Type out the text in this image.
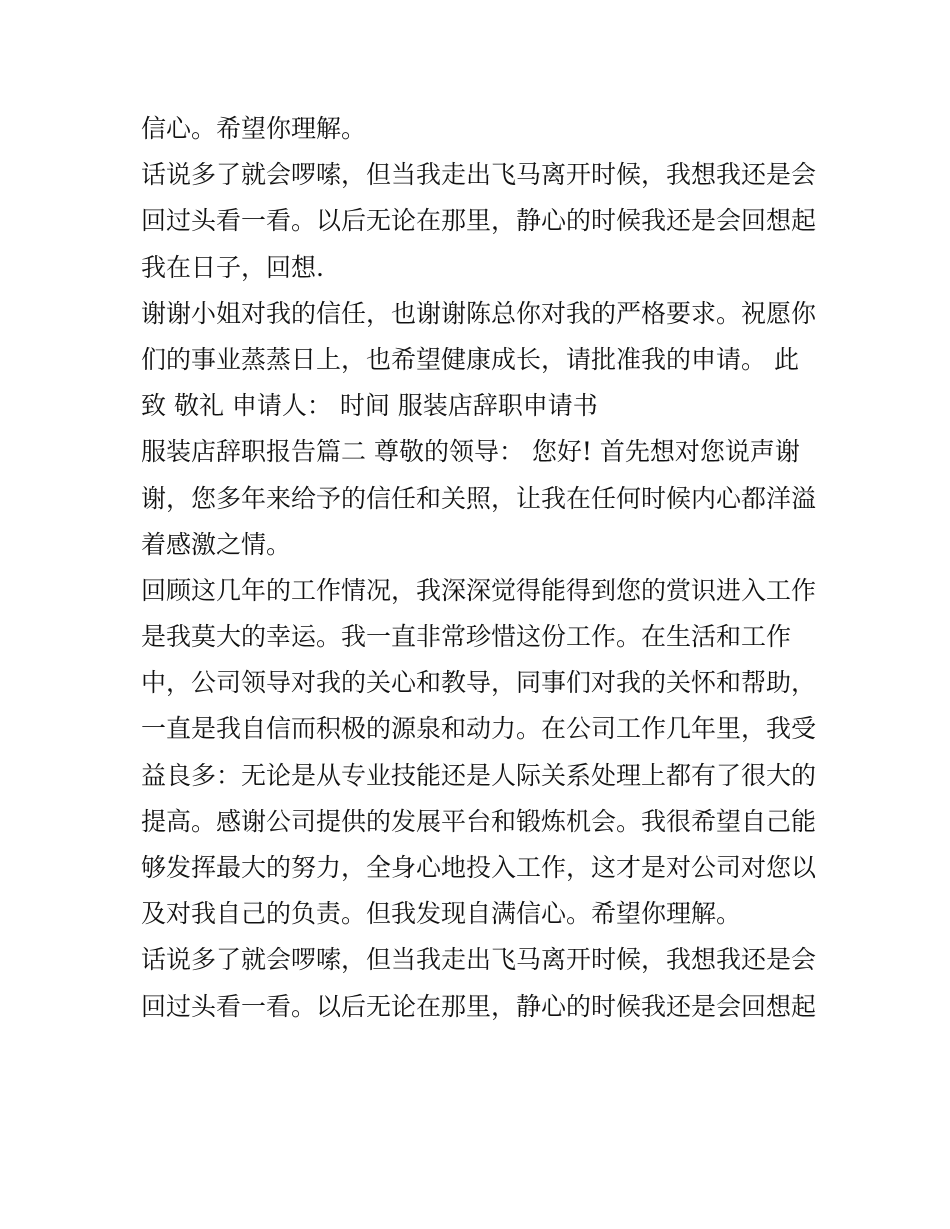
信心。希望你理解。
话说多了就会啰嗦，但当我走出飞马离开时候，我想我还是会
回过头看一看。以后无论在那里，静心的时候我还是会回想起
我在日子，回想.
谢谢小姐对我的信任，也谢谢陈总你对我的严格要求。祝愿你
们的事业蒸蒸日上，也希望健康成长，请批准我的申请。 此
致 敬礼 申请人： 时间 服装店辞职申请书
服装店辞职报告篇二 尊敬的领导： 您好! 首先想对您说声谢
谢，您多年来给予的信任和关照，让我在任何时候内心都洋溢
着感激之情。
回顾这几年的工作情况，我深深觉得能得到您的赏识进入工作
是我莫大的幸运。我一直非常珍惜这份工作。在生活和工作
中，公司领导对我的关心和教导，同事们对我的关怀和帮助，
一直是我自信而积极的源泉和动力。在公司工作几年里，我受
益良多：无论是从专业技能还是人际关系处理上都有了很大的
提高。感谢公司提供的发展平台和锻炼机会。我很希望自己能
够发挥最大的努力，全身心地投入工作，这才是对公司对您以
及对我自己的负责。但我发现自满信心。希望你理解。
话说多了就会啰嗦，但当我走出飞马离开时候，我想我还是会
回过头看一看。以后无论在那里，静心的时候我还是会回想起
